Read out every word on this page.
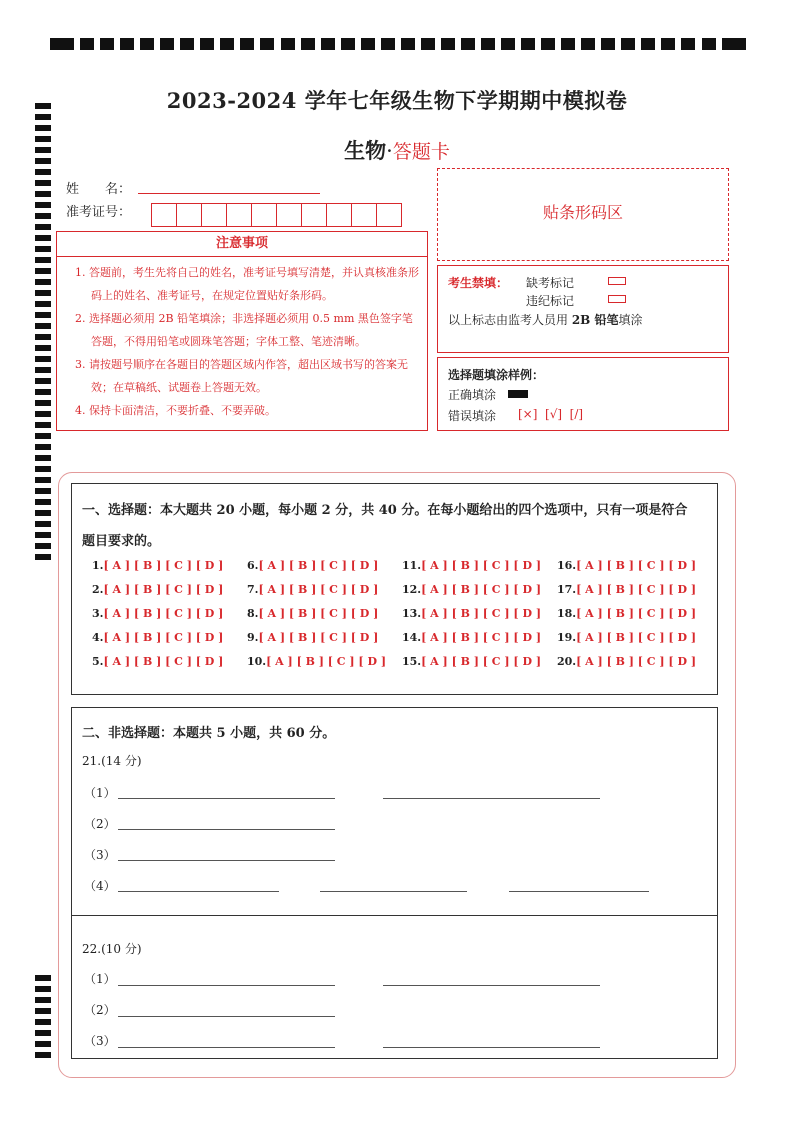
2023-2024 学年七年级生物下学期期中模拟卷
生物·答题卡
姓　　名：
准考证号：
注意事项

1. 答题前，考生先将自己的姓名，准考证号填写清楚，并认真核准条形码上的姓名、准考证号，在规定位置贴好条形码。

2. 选择题必须用 2B 铅笔填涂；非选择题必须用 0.5 mm 黑色签字笔答题，不得用铅笔或圆珠笔答题；字体工整、笔迹清晰。

3. 请按题号顺序在各题目的答题区域内作答，超出区域书写的答案无效；在草稿纸、试题卷上答题无效。

4. 保持卡面清洁，不要折叠、不要弄破。

贴条形码区
考生禁填： 缺考标记
违纪标记
以上标志由监考人员用 2B 铅笔填涂
选择题填涂样例：
正确填涂
错误填涂 [×]  [√]  [/]
一、选择题：本大题共 20 小题，每小题 2 分，共 40 分。在每小题给出的四个选项中，只有一项是符合
题目要求的。
1.[ A ] [ B ] [ C ] [ D ]
2.[ A ] [ B ] [ C ] [ D ]
3.[ A ] [ B ] [ C ] [ D ]
4.[ A ] [ B ] [ C ] [ D ]
5.[ A ] [ B ] [ C ] [ D ]
6.[ A ] [ B ] [ C ] [ D ]
7.[ A ] [ B ] [ C ] [ D ]
8.[ A ] [ B ] [ C ] [ D ]
9.[ A ] [ B ] [ C ] [ D ]
10.[ A ] [ B ] [ C ] [ D ]
11.[ A ] [ B ] [ C ] [ D ]
12.[ A ] [ B ] [ C ] [ D ]
13.[ A ] [ B ] [ C ] [ D ]
14.[ A ] [ B ] [ C ] [ D ]
15.[ A ] [ B ] [ C ] [ D ]
16.[ A ] [ B ] [ C ] [ D ]
17.[ A ] [ B ] [ C ] [ D ]
18.[ A ] [ B ] [ C ] [ D ]
19.[ A ] [ B ] [ C ] [ D ]
20.[ A ] [ B ] [ C ] [ D ]
二、非选择题：本题共 5 小题，共 60 分。
21.(14 分)
（1）
（2）
（3）
（4）
22.(10 分)
（1）
（2）
（3）
